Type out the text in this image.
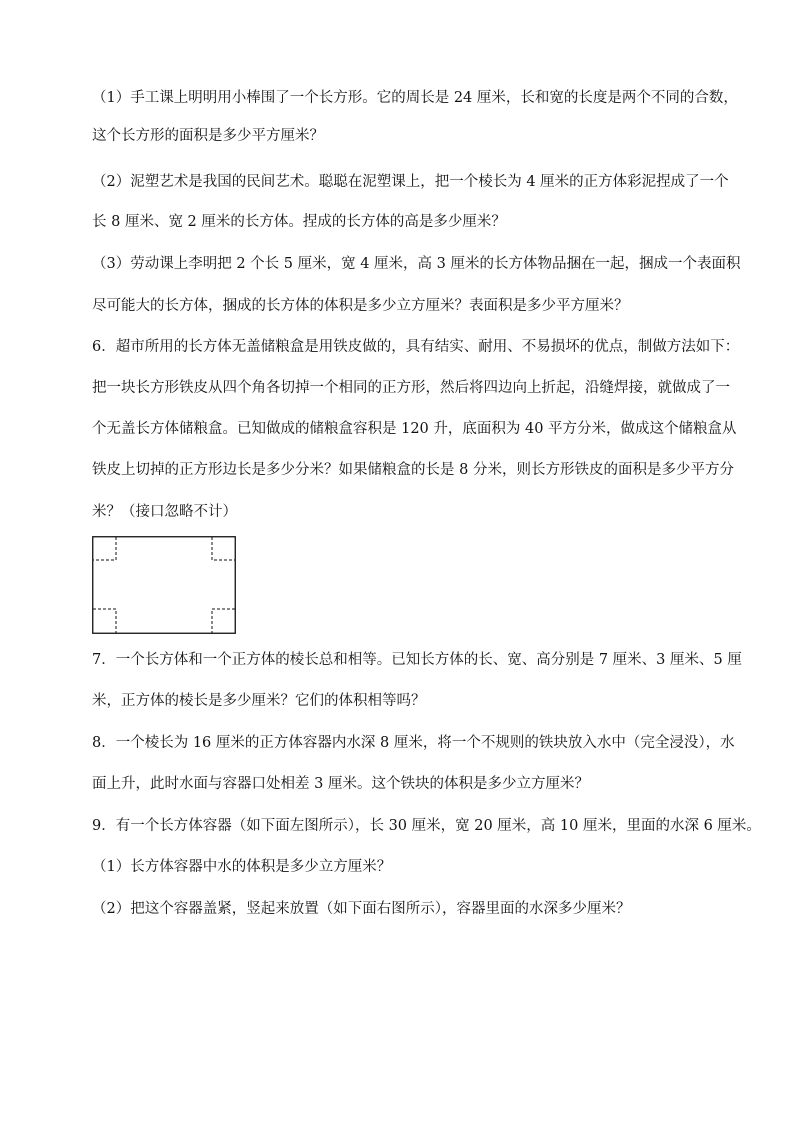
（1）手工课上明明用小棒围了一个长方形。它的周长是 24 厘米，长和宽的长度是两个不同的合数，
这个长方形的面积是多少平方厘米？
（2）泥塑艺术是我国的民间艺术。聪聪在泥塑课上，把一个棱长为 4 厘米的正方体彩泥捏成了一个
长 8 厘米、宽 2 厘米的长方体。捏成的长方体的高是多少厘米？
（3）劳动课上李明把 2 个长 5 厘米，宽 4 厘米，高 3 厘米的长方体物品捆在一起，捆成一个表面积
尽可能大的长方体，捆成的长方体的体积是多少立方厘米？表面积是多少平方厘米？
6．超市所用的长方体无盖储粮盒是用铁皮做的，具有结实、耐用、不易损坏的优点，制做方法如下：
把一块长方形铁皮从四个角各切掉一个相同的正方形，然后将四边向上折起，沿缝焊接，就做成了一
个无盖长方体储粮盒。已知做成的储粮盒容积是 120 升，底面积为 40 平方分米，做成这个储粮盒从
铁皮上切掉的正方形边长是多少分米？如果储粮盒的长是 8 分米，则长方形铁皮的面积是多少平方分
米？（接口忽略不计）
7．一个长方体和一个正方体的棱长总和相等。已知长方体的长、宽、高分别是 7 厘米、3 厘米、5 厘
米，正方体的棱长是多少厘米？它们的体积相等吗？
8．一个棱长为 16 厘米的正方体容器内水深 8 厘米，将一个不规则的铁块放入水中（完全浸没），水
面上升，此时水面与容器口处相差 3 厘米。这个铁块的体积是多少立方厘米？
9．有一个长方体容器（如下面左图所示），长 30 厘米，宽 20 厘米，高 10 厘米，里面的水深 6 厘米。
（1）长方体容器中水的体积是多少立方厘米？
（2）把这个容器盖紧，竖起来放置（如下面右图所示），容器里面的水深多少厘米？
